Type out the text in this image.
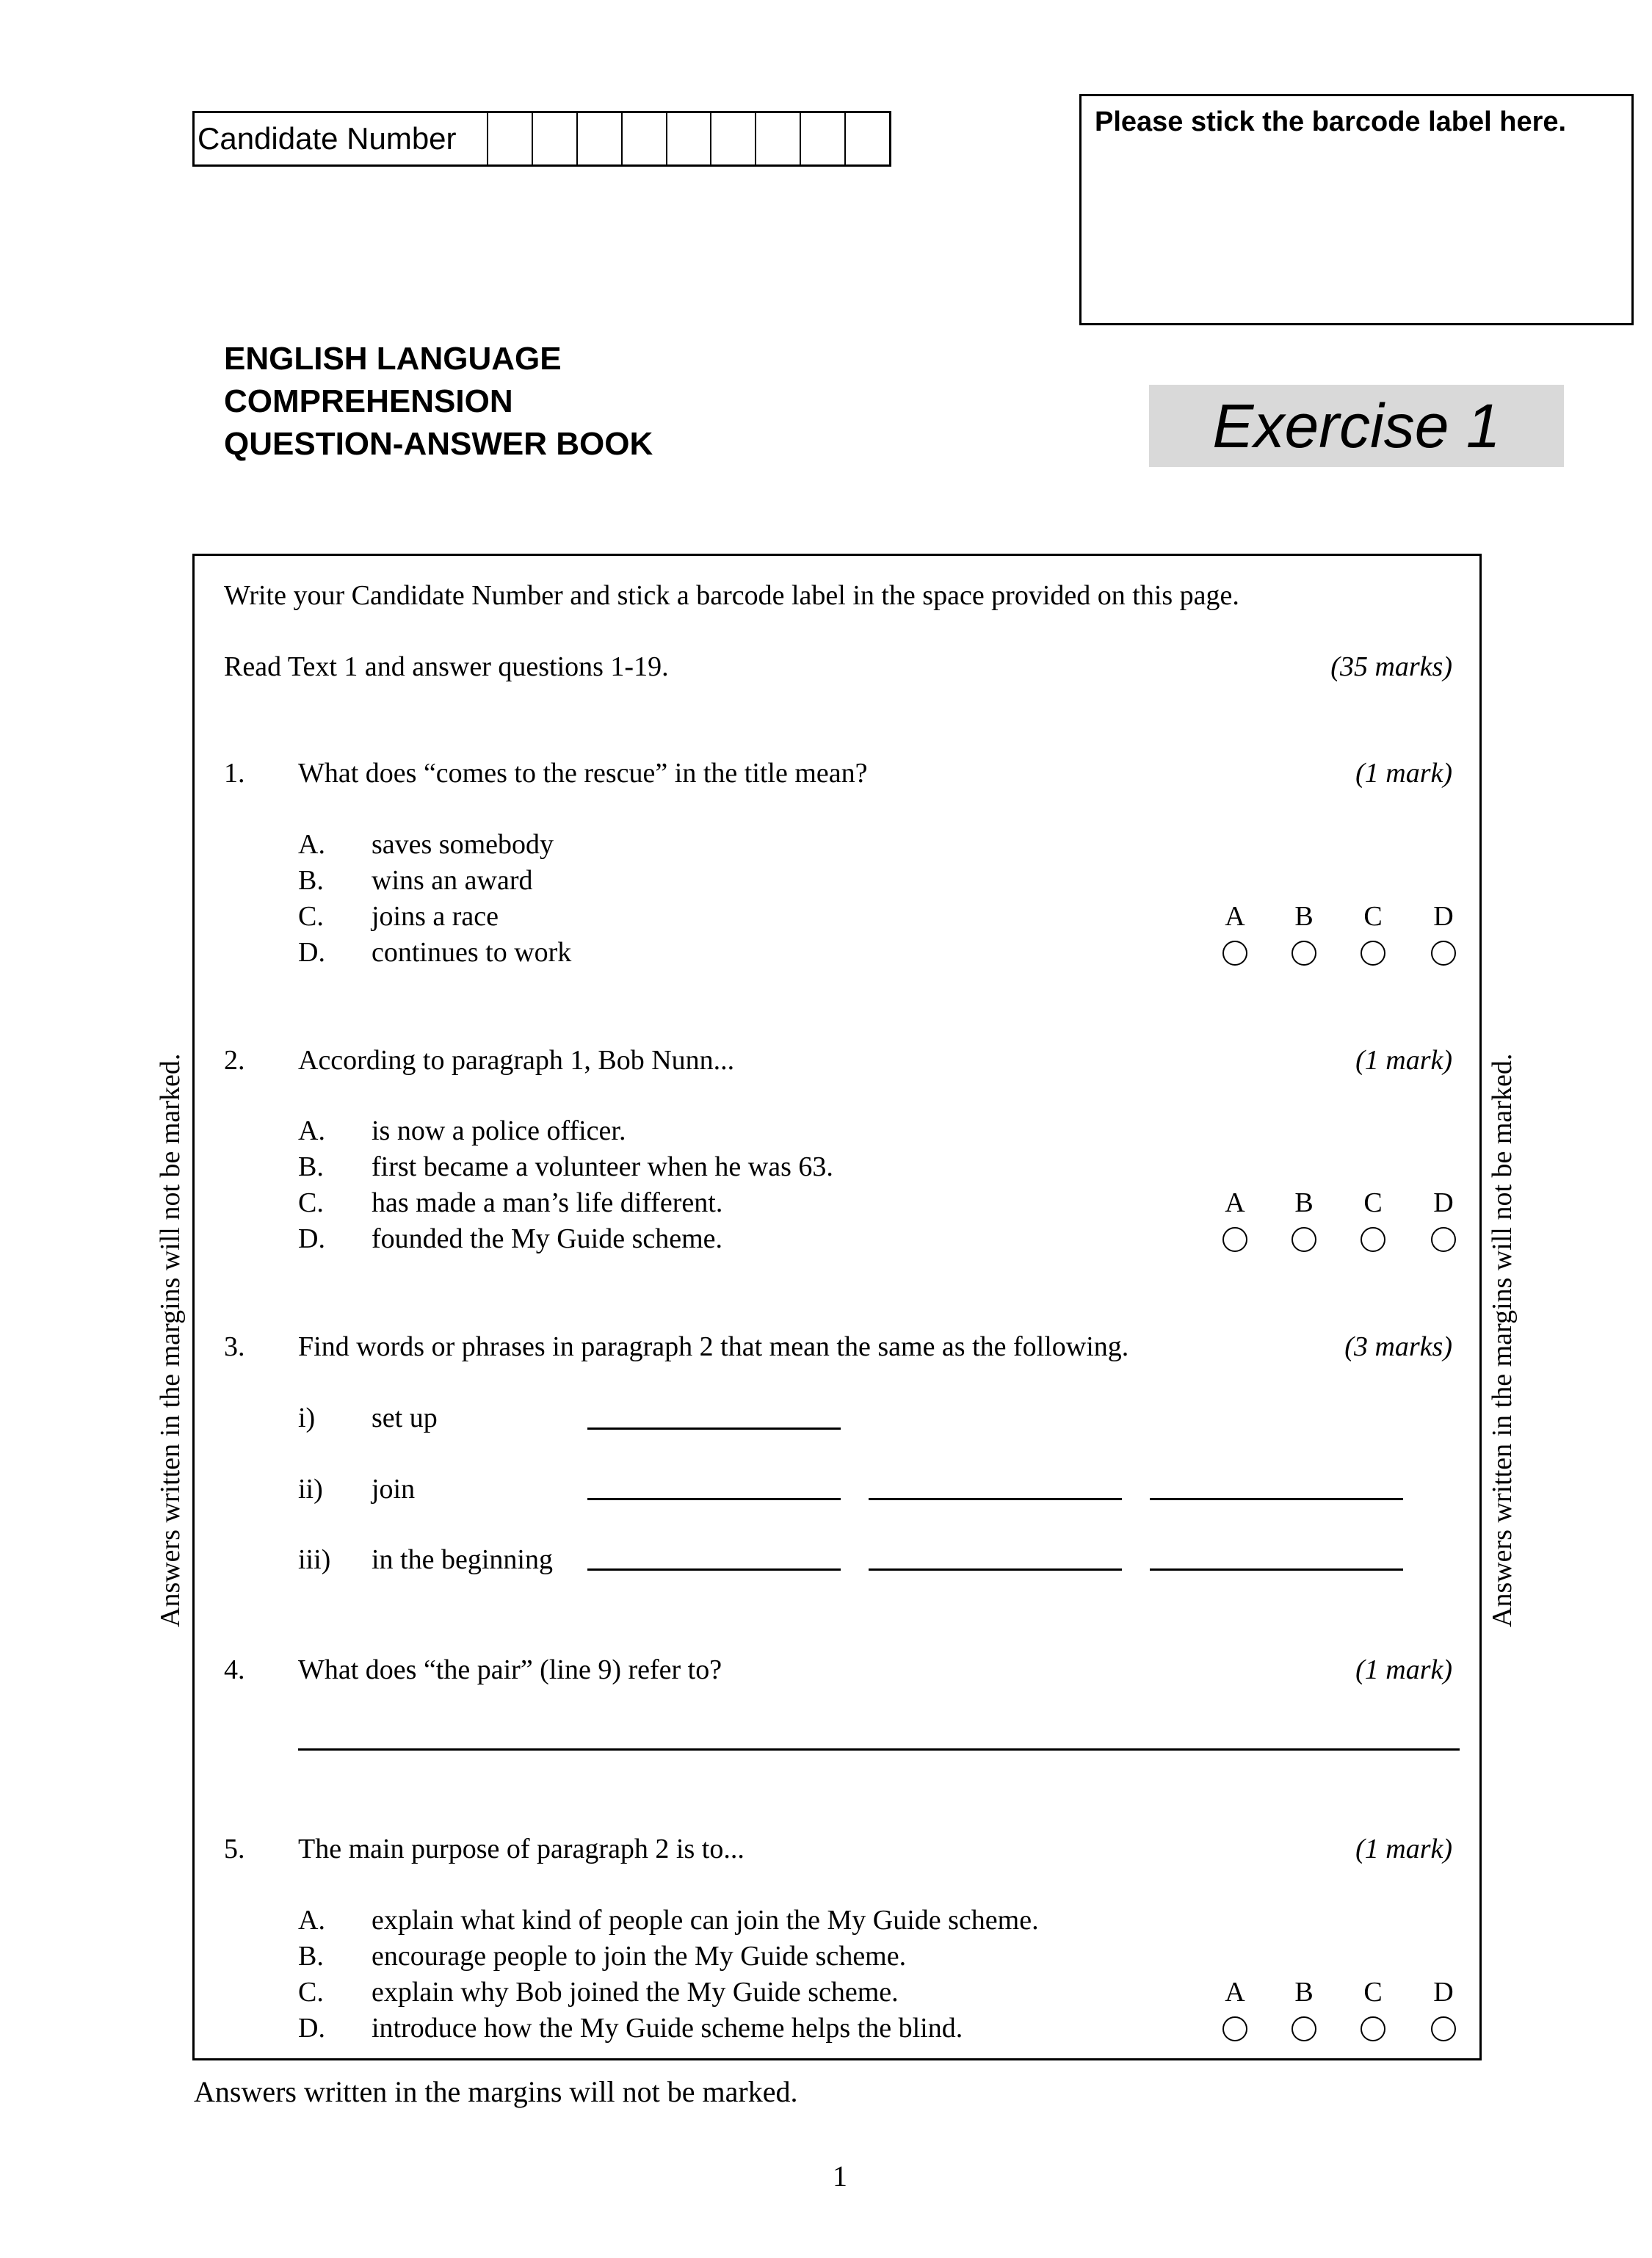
Candidate Number	Please stick the barcode label here.
ENGLISH LANGUAGE
COMPREHENSION
QUESTION-ANSWER BOOK	Exercise 1
Write your Candidate Number and stick a barcode label in the space provided on this page.
Read Text 1 and answer questions 1-19.	(35 marks)
1. What does “comes to the rescue” in the title mean?	(1 mark)
A. saves somebody
B. wins an award
C. joins a race
D. continues to work
A B C D
2. According to paragraph 1, Bob Nunn...	(1 mark)
A. is now a police officer.
B. first became a volunteer when he was 63.
C. has made a man’s life different.
D. founded the My Guide scheme.
A B C D
3. Find words or phrases in paragraph 2 that mean the same as the following.	(3 marks)
i) set up
ii) join
iii) in the beginning
4. What does “the pair” (line 9) refer to?	(1 mark)
5. The main purpose of paragraph 2 is to...	(1 mark)
A. explain what kind of people can join the My Guide scheme.
B. encourage people to join the My Guide scheme.
C. explain why Bob joined the My Guide scheme.
D. introduce how the My Guide scheme helps the blind.
A B C D
Answers written in the margins will not be marked.	Answers written in the margins will not be marked.
Answers written in the margins will not be marked.
1
